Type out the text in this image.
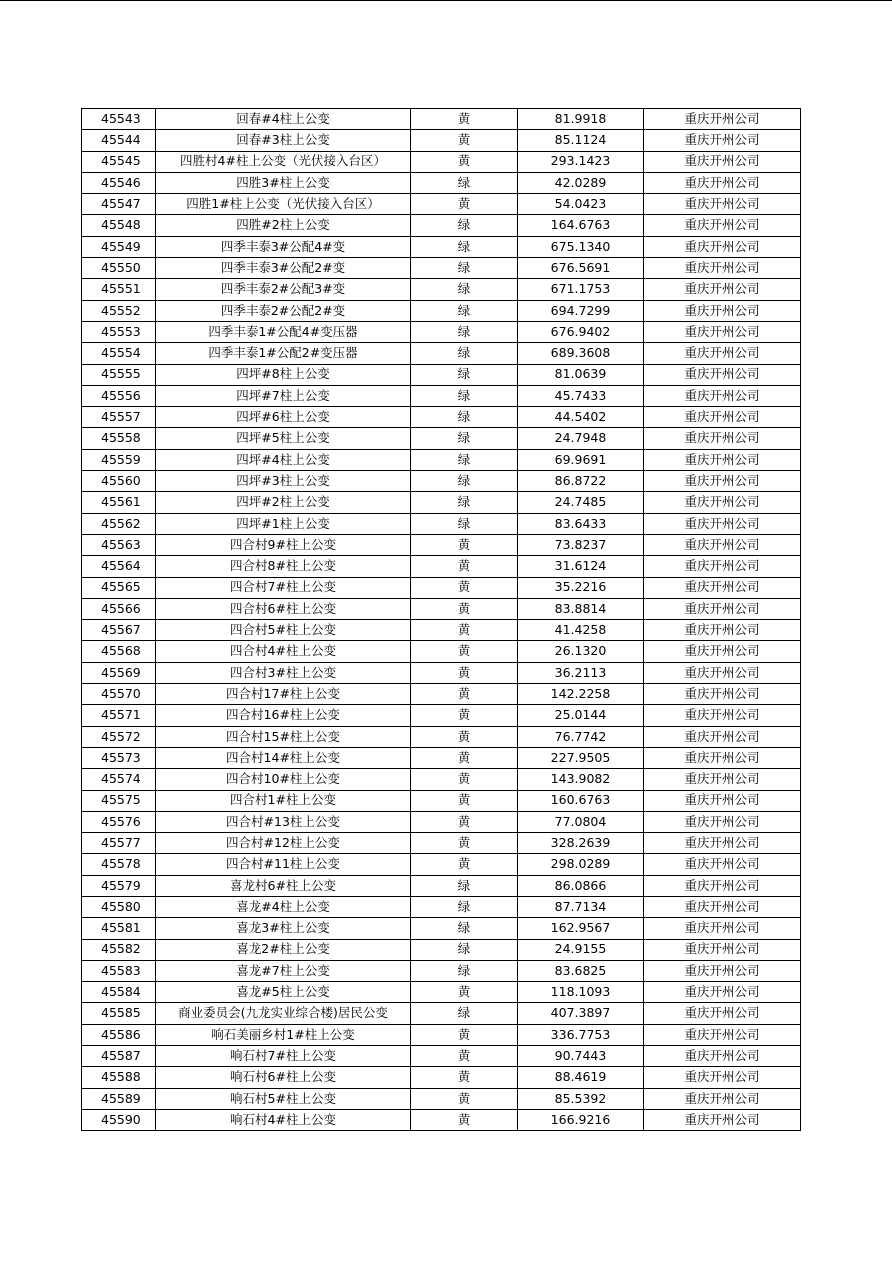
45543	回春#4柱上公变	黄	81.9918	重庆开州公司
45544	回春#3柱上公变	黄	85.1124	重庆开州公司
45545	四胜村4#柱上公变（光伏接入台区）	黄	293.1423	重庆开州公司
45546	四胜3#柱上公变	绿	42.0289	重庆开州公司
45547	四胜1#柱上公变（光伏接入台区）	黄	54.0423	重庆开州公司
45548	四胜#2柱上公变	绿	164.6763	重庆开州公司
45549	四季丰泰3#公配4#变	绿	675.1340	重庆开州公司
45550	四季丰泰3#公配2#变	绿	676.5691	重庆开州公司
45551	四季丰泰2#公配3#变	绿	671.1753	重庆开州公司
45552	四季丰泰2#公配2#变	绿	694.7299	重庆开州公司
45553	四季丰泰1#公配4#变压器	绿	676.9402	重庆开州公司
45554	四季丰泰1#公配2#变压器	绿	689.3608	重庆开州公司
45555	四坪#8柱上公变	绿	81.0639	重庆开州公司
45556	四坪#7柱上公变	绿	45.7433	重庆开州公司
45557	四坪#6柱上公变	绿	44.5402	重庆开州公司
45558	四坪#5柱上公变	绿	24.7948	重庆开州公司
45559	四坪#4柱上公变	绿	69.9691	重庆开州公司
45560	四坪#3柱上公变	绿	86.8722	重庆开州公司
45561	四坪#2柱上公变	绿	24.7485	重庆开州公司
45562	四坪#1柱上公变	绿	83.6433	重庆开州公司
45563	四合村9#柱上公变	黄	73.8237	重庆开州公司
45564	四合村8#柱上公变	黄	31.6124	重庆开州公司
45565	四合村7#柱上公变	黄	35.2216	重庆开州公司
45566	四合村6#柱上公变	黄	83.8814	重庆开州公司
45567	四合村5#柱上公变	黄	41.4258	重庆开州公司
45568	四合村4#柱上公变	黄	26.1320	重庆开州公司
45569	四合村3#柱上公变	黄	36.2113	重庆开州公司
45570	四合村17#柱上公变	黄	142.2258	重庆开州公司
45571	四合村16#柱上公变	黄	25.0144	重庆开州公司
45572	四合村15#柱上公变	黄	76.7742	重庆开州公司
45573	四合村14#柱上公变	黄	227.9505	重庆开州公司
45574	四合村10#柱上公变	黄	143.9082	重庆开州公司
45575	四合村1#柱上公变	黄	160.6763	重庆开州公司
45576	四合村#13柱上公变	黄	77.0804	重庆开州公司
45577	四合村#12柱上公变	黄	328.2639	重庆开州公司
45578	四合村#11柱上公变	黄	298.0289	重庆开州公司
45579	喜龙村6#柱上公变	绿	86.0866	重庆开州公司
45580	喜龙#4柱上公变	绿	87.7134	重庆开州公司
45581	喜龙3#柱上公变	绿	162.9567	重庆开州公司
45582	喜龙2#柱上公变	绿	24.9155	重庆开州公司
45583	喜龙#7柱上公变	绿	83.6825	重庆开州公司
45584	喜龙#5柱上公变	黄	118.1093	重庆开州公司
45585	商业委员会(九龙实业综合楼)居民公变	绿	407.3897	重庆开州公司
45586	响石美丽乡村1#柱上公变	黄	336.7753	重庆开州公司
45587	响石村7#柱上公变	黄	90.7443	重庆开州公司
45588	响石村6#柱上公变	黄	88.4619	重庆开州公司
45589	响石村5#柱上公变	黄	85.5392	重庆开州公司
45590	响石村4#柱上公变	黄	166.9216	重庆开州公司
